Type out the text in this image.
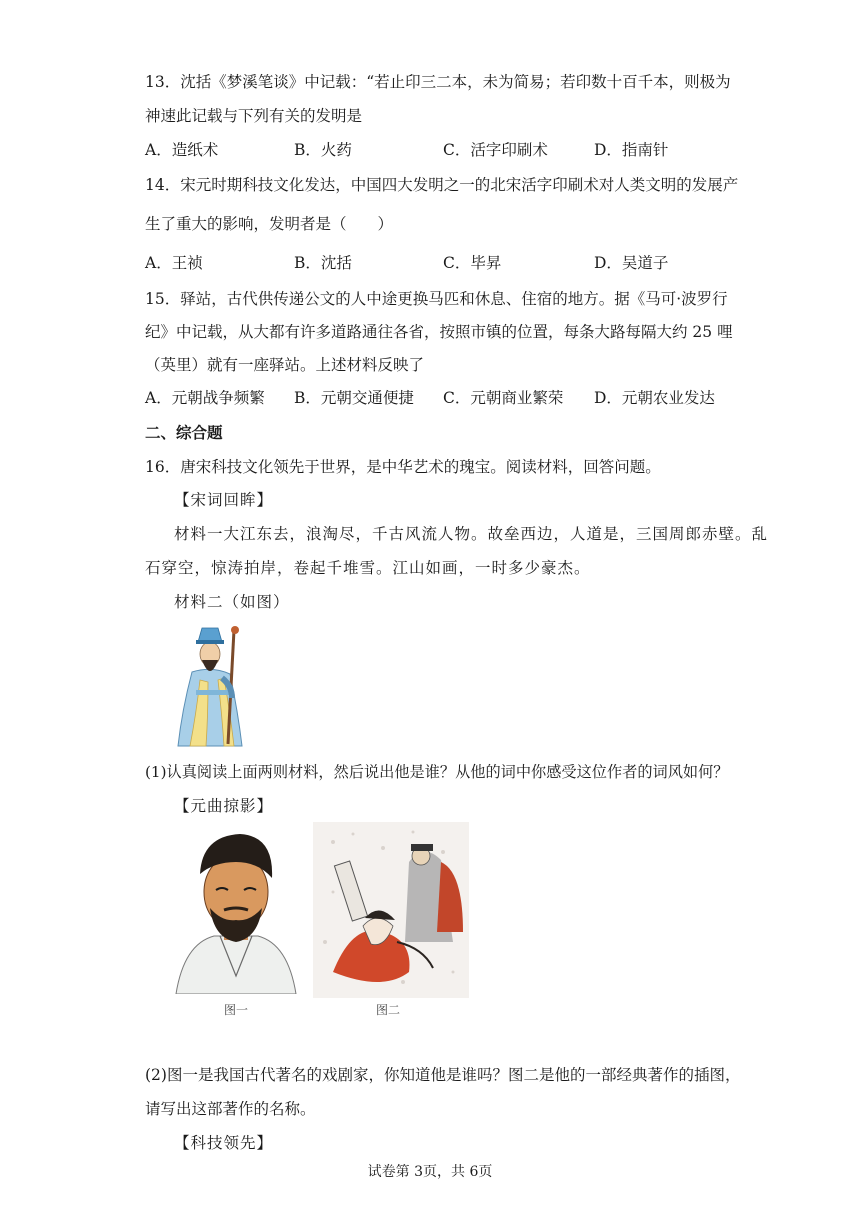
13．沈括《梦溪笔谈》中记载：“若止印三二本，未为简易；若印数十百千本，则极为
神速此记载与下列有关的发明是
A．造纸术	B．火药	C．活字印刷术	D．指南针
14．宋元时期科技文化发达，中国四大发明之一的北宋活字印刷术对人类文明的发展产
生了重大的影响，发明者是（　　）
A．王祯	B．沈括	C．毕昇	D．吴道子
15．驿站，古代供传递公文的人中途更换马匹和休息、住宿的地方。据《马可·波罗行
纪》中记载，从大都有许多道路通往各省，按照市镇的位置，每条大路每隔大约 25 哩
（英里）就有一座驿站。上述材料反映了
A．元朝战争频繁 B．元朝交通便捷 C．元朝商业繁荣 D．元朝农业发达
二、综合题
16．唐宋科技文化领先于世界，是中华艺术的瑰宝。阅读材料，回答问题。
【宋词回眸】
材料一大江东去，浪淘尽，千古风流人物。故垒西边，人道是，三国周郎赤壁。乱
石穿空，惊涛拍岸，卷起千堆雪。江山如画，一时多少豪杰。
材料二（如图）
(1)认真阅读上面两则材料，然后说出他是谁？从他的词中你感受这位作者的词风如何？
【元曲掠影】
图一	图二
(2)图一是我国古代著名的戏剧家，你知道他是谁吗？图二是他的一部经典著作的插图，
请写出这部著作的名称。
【科技领先】
试卷第 3页，共 6页
